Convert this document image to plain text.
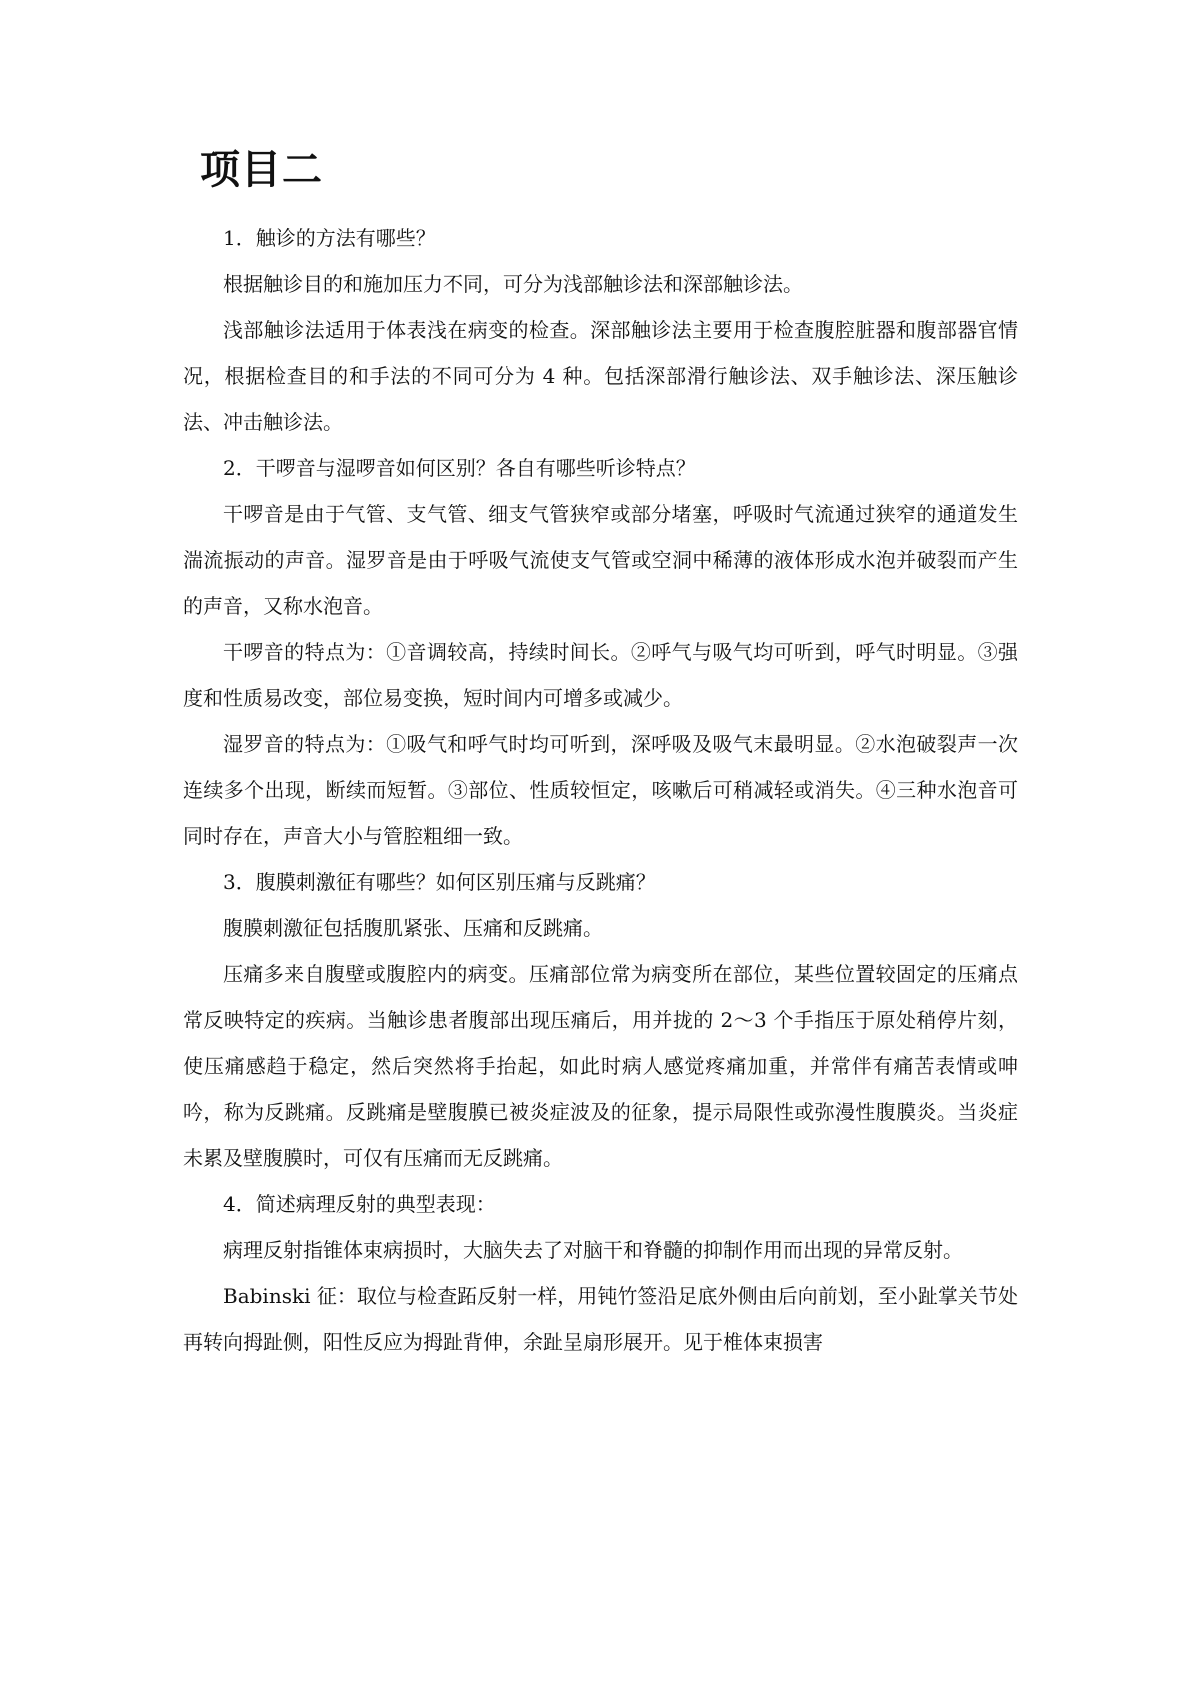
项目二

1．触诊的方法有哪些？

根据触诊目的和施加压力不同，可分为浅部触诊法和深部触诊法。

浅部触诊法适用于体表浅在病变的检查。深部触诊法主要用于检查腹腔脏器和腹部器官情况，根据检查目的和手法的不同可分为 4 种。包括深部滑行触诊法、双手触诊法、深压触诊法、冲击触诊法。

2．干啰音与湿啰音如何区别？各自有哪些听诊特点？

干啰音是由于气管、支气管、细支气管狭窄或部分堵塞，呼吸时气流通过狭窄的通道发生湍流振动的声音。湿罗音是由于呼吸气流使支气管或空洞中稀薄的液体形成水泡并破裂而产生的声音，又称水泡音。

干啰音的特点为：①音调较高，持续时间长。②呼气与吸气均可听到，呼气时明显。③强度和性质易改变，部位易变换，短时间内可增多或减少。

湿罗音的特点为：①吸气和呼气时均可听到，深呼吸及吸气末最明显。②水泡破裂声一次连续多个出现，断续而短暂。③部位、性质较恒定，咳嗽后可稍减轻或消失。④三种水泡音可同时存在，声音大小与管腔粗细一致。

3．腹膜刺激征有哪些？如何区别压痛与反跳痛？

腹膜刺激征包括腹肌紧张、压痛和反跳痛。

压痛多来自腹壁或腹腔内的病变。压痛部位常为病变所在部位，某些位置较固定的压痛点常反映特定的疾病。当触诊患者腹部出现压痛后，用并拢的 2～3 个手指压于原处稍停片刻，使压痛感趋于稳定，然后突然将手抬起，如此时病人感觉疼痛加重，并常伴有痛苦表情或呻吟，称为反跳痛。反跳痛是壁腹膜已被炎症波及的征象，提示局限性或弥漫性腹膜炎。当炎症未累及壁腹膜时，可仅有压痛而无反跳痛。

4．简述病理反射的典型表现：

病理反射指锥体束病损时，大脑失去了对脑干和脊髓的抑制作用而出现的异常反射。

Babinski 征：取位与检查跖反射一样，用钝竹签沿足底外侧由后向前划，至小趾掌关节处再转向拇趾侧，阳性反应为拇趾背伸，余趾呈扇形展开。见于椎体束损害
